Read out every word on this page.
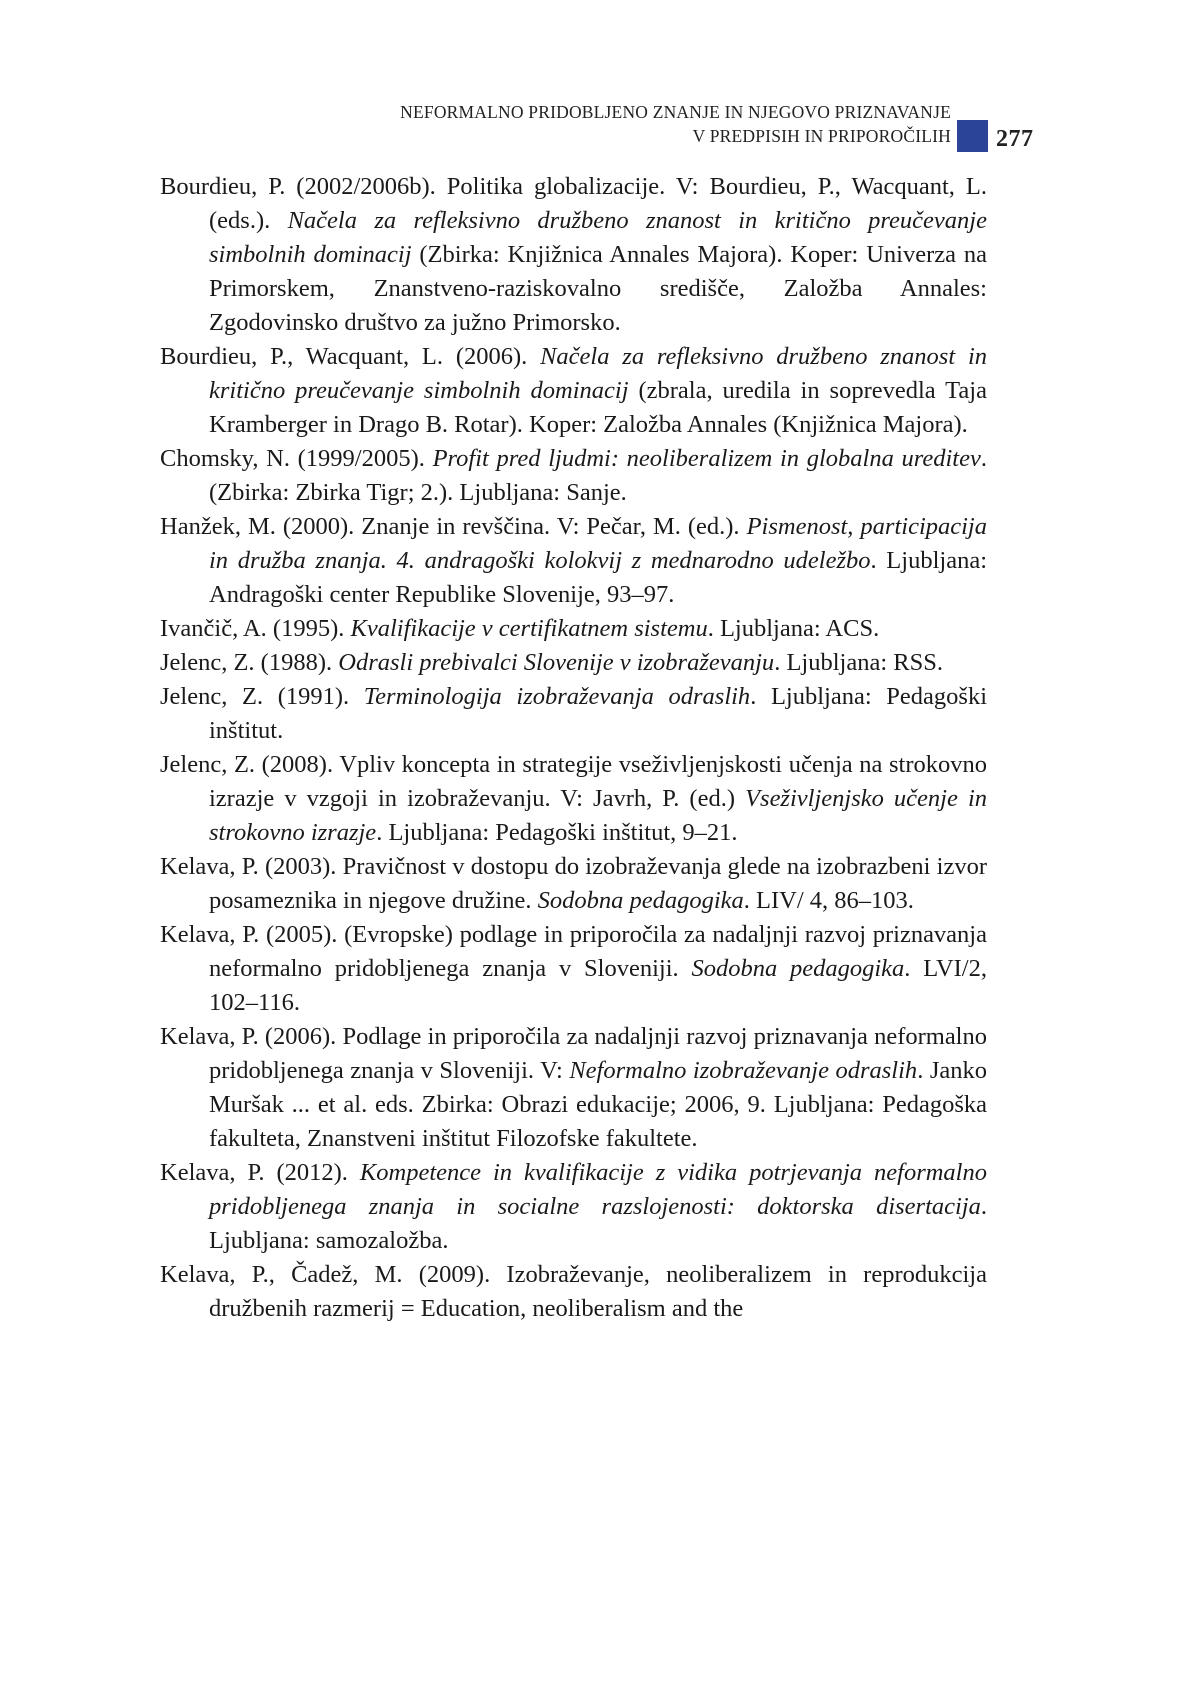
NEFORMALNO PRIDOBLJENO ZNANJE IN NJEGOVO PRIZNAVANJE
V PREDPISIH IN PRIPOROČILIH 277

Bourdieu, P. (2002/2006b). Politika globalizacije. V: Bourdieu, P., Wacquant, L. (eds.). Načela za refleksivno družbeno znanost in kritično preučevanje simbolnih dominacij (Zbirka: Knjižnica Annales Majora). Koper: Univerza na Primorskem, Znanstveno-raziskovalno središče, Založba Annales: Zgodovinsko društvo za južno Primorsko.

Bourdieu, P., Wacquant, L. (2006). Načela za refleksivno družbeno znanost in kritično preučevanje simbolnih dominacij (zbrala, uredila in soprevedla Taja Kramberger in Drago B. Rotar). Koper: Založba Annales (Knjižnica Majora).

Chomsky, N. (1999/2005). Profit pred ljudmi: neoliberalizem in globalna ureditev. (Zbirka: Zbirka Tigr; 2.). Ljubljana: Sanje.

Hanžek, M. (2000). Znanje in revščina. V: Pečar, M. (ed.). Pismenost, participacija in družba znanja. 4. andragoški kolokvij z mednarodno udeležbo. Ljubljana: Andragoški center Republike Slovenije, 93–97.

Ivančič, A. (1995). Kvalifikacije v certifikatnem sistemu. Ljubljana: ACS.

Jelenc, Z. (1988). Odrasli prebivalci Slovenije v izobraževanju. Ljubljana: RSS.

Jelenc, Z. (1991). Terminologija izobraževanja odraslih. Ljubljana: Pedagoški inštitut.

Jelenc, Z. (2008). Vpliv koncepta in strategije vseživljenjskosti učenja na strokovno izrazje v vzgoji in izobraževanju. V: Javrh, P. (ed.) Vseživljenjsko učenje in strokovno izrazje. Ljubljana: Pedagoški inštitut, 9–21.

Kelava, P. (2003). Pravičnost v dostopu do izobraževanja glede na izobrazbeni izvor posameznika in njegove družine. Sodobna pedagogika. LIV/ 4, 86–103.

Kelava, P. (2005). (Evropske) podlage in priporočila za nadaljnji razvoj priznavanja neformalno pridobljenega znanja v Sloveniji. Sodobna pedagogika. LVI/2, 102–116.

Kelava, P. (2006). Podlage in priporočila za nadaljnji razvoj priznavanja neformalno pridobljenega znanja v Sloveniji. V: Neformalno izobraževanje odraslih. Janko Muršak ... et al. eds. Zbirka: Obrazi edukacije; 2006, 9. Ljubljana: Pedagoška fakulteta, Znanstveni inštitut Filozofske fakultete.

Kelava, P. (2012). Kompetence in kvalifikacije z vidika potrjevanja neformalno pridobljenega znanja in socialne razslojenosti: doktorska disertacija. Ljubljana: samozaložba.

Kelava, P., Čadež, M. (2009). Izobraževanje, neoliberalizem in reprodukcija družbenih razmerij = Education, neoliberalism and the
